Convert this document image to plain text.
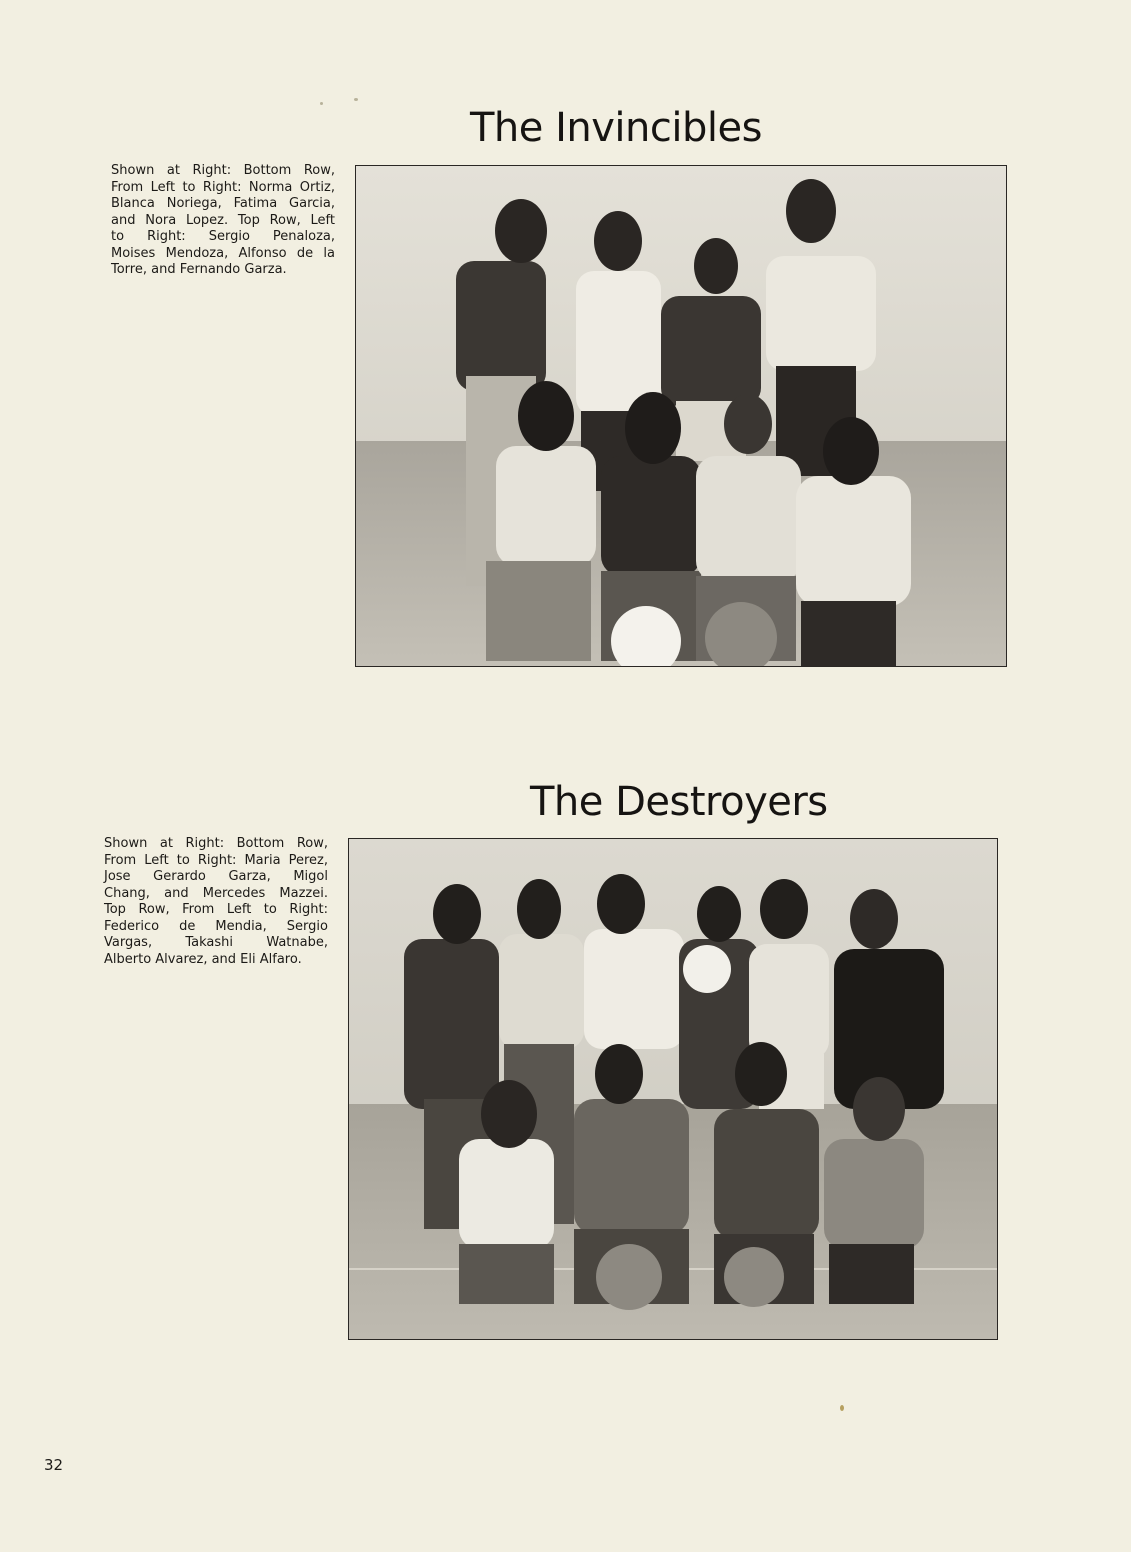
The Invincibles

Shown at Right: Bottom Row,
From Left to Right: Norma Ortiz,
Blanca Noriega, Fatima Garcia,
and Nora Lopez. Top Row, Left
to Right: Sergio Penaloza,
Moises Mendoza, Alfonso de la
Torre, and Fernando Garza.

The Destroyers

Shown at Right: Bottom Row,
From Left to Right: Maria Perez,
Jose Gerardo Garza, Migol
Chang, and Mercedes Mazzei.
Top Row, From Left to Right:
Federico de Mendia, Sergio
Vargas, Takashi Watnabe,
Alberto Alvarez, and Eli Alfaro.

32
